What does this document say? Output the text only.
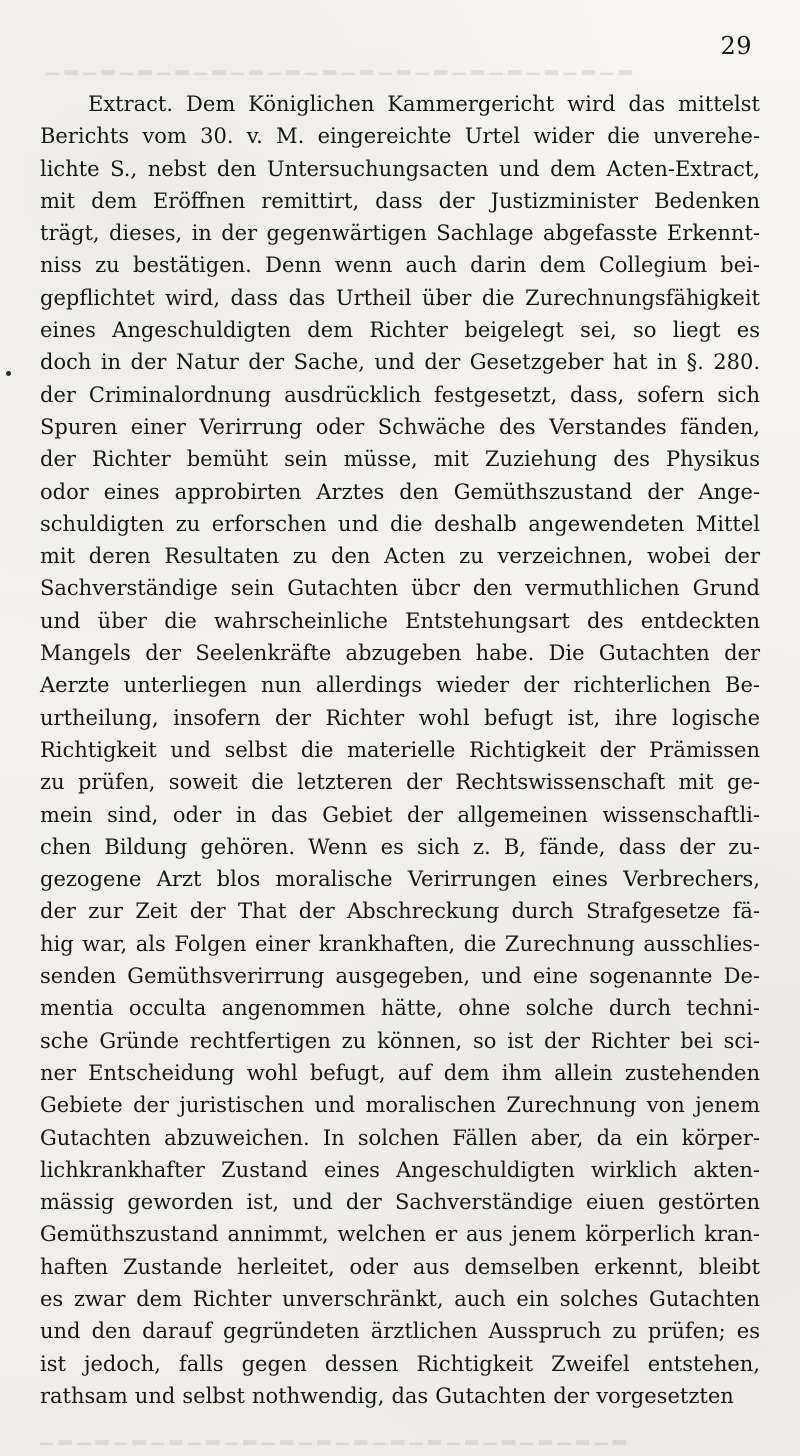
▁ ▂ ▁ ▂ ▁ ▂ ▁ ▂ ▁ ▂ ▁ ▂ ▁ ▂ ▁ ▂ ▁ ▂ ▁ ▂ ▁ ▂ ▁ ▂ ▁ ▂ ▁ ▂ ▁ ▂ ▁ ▂
29
Extract. Dem Königlichen Kammergericht wird das mittelst
Berichts vom 30. v. M. eingereichte Urtel wider die unverehe-
lichte S., nebst den Untersuchungsacten und dem Acten-Extract,
mit dem Eröffnen remittirt, dass der Justizminister Bedenken
trägt, dieses, in der gegenwärtigen Sachlage abgefasste Erkennt-
niss zu bestätigen. Denn wenn auch darin dem Collegium bei-
gepflichtet wird, dass das Urtheil über die Zurechnungsfähigkeit
eines Angeschuldigten dem Richter beigelegt sei, so liegt es
doch in der Natur der Sache, und der Gesetzgeber hat in §. 280.
der Criminalordnung ausdrücklich festgesetzt, dass, sofern sich
Spuren einer Verirrung oder Schwäche des Verstandes fänden,
der Richter bemüht sein müsse, mit Zuziehung des Physikus
odor eines approbirten Arztes den Gemüthszustand der Ange-
schuldigten zu erforschen und die deshalb angewendeten Mittel
mit deren Resultaten zu den Acten zu verzeichnen, wobei der
Sachverständige sein Gutachten übcr den vermuthlichen Grund
und über die wahrscheinliche Entstehungsart des entdeckten
Mangels der Seelenkräfte abzugeben habe. Die Gutachten der
Aerzte unterliegen nun allerdings wieder der richterlichen Be-
urtheilung, insofern der Richter wohl befugt ist, ihre logische
Richtigkeit und selbst die materielle Richtigkeit der Prämissen
zu prüfen, soweit die letzteren der Rechtswissenschaft mit ge-
mein sind, oder in das Gebiet der allgemeinen wissenschaftli-
chen Bildung gehören. Wenn es sich z. B, fände, dass der zu-
gezogene Arzt blos moralische Verirrungen eines Verbrechers,
der zur Zeit der That der Abschreckung durch Strafgesetze fä-
hig war, als Folgen einer krankhaften, die Zurechnung ausschlies-
senden Gemüthsverirrung ausgegeben, und eine sogenannte De-
mentia occulta angenommen hätte, ohne solche durch techni-
sche Gründe rechtfertigen zu können, so ist der Richter bei sci-
ner Entscheidung wohl befugt, auf dem ihm allein zustehenden
Gebiete der juristischen und moralischen Zurechnung von jenem
Gutachten abzuweichen. In solchen Fällen aber, da ein körper-
lichkrankhafter Zustand eines Angeschuldigten wirklich akten-
mässig geworden ist, und der Sachverständige eiuen gestörten
Gemüthszustand annimmt, welchen er aus jenem körperlich kran-
haften Zustande herleitet, oder aus demselben erkennt, bleibt
es zwar dem Richter unverschränkt, auch ein solches Gutachten
und den darauf gegründeten ärztlichen Ausspruch zu prüfen; es
ist jedoch, falls gegen dessen Richtigkeit Zweifel entstehen,
rathsam und selbst nothwendig, das Gutachten der vorgesetzten
▁ ▂ ▁ ▂ ▁ ▂ ▁ ▂ ▁ ▂ ▁ ▂ ▁ ▂ ▁ ▂ ▁ ▂ ▁ ▂ ▁ ▂ ▁ ▂ ▁ ▂ ▁ ▂ ▁ ▂ ▁ ▂
